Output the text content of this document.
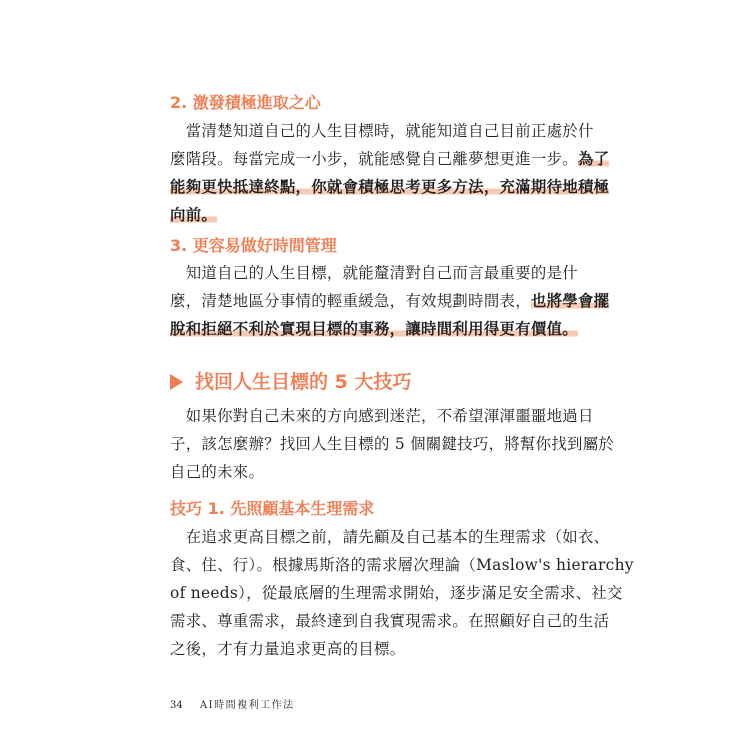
2. 激發積極進取之心
　當清楚知道自己的人生目標時，就能知道自己目前正處於什
麼階段。每當完成一小步，就能感覺自己離夢想更進一步。為了
能夠更快抵達終點，你就會積極思考更多方法，充滿期待地積極
向前。
3. 更容易做好時間管理
　知道自己的人生目標，就能釐清對自己而言最重要的是什
麼，清楚地區分事情的輕重緩急，有效規劃時間表，也將學會擺
脫和拒絕不利於實現目標的事務，讓時間利用得更有價值。
找回人生目標的 5 大技巧
　如果你對自己未來的方向感到迷茫，不希望渾渾噩噩地過日
子，該怎麼辦？找回人生目標的 5 個關鍵技巧，將幫你找到屬於
自己的未來。
技巧 1. 先照顧基本生理需求
　在追求更高目標之前，請先顧及自己基本的生理需求（如衣、
食、住、行）。根據馬斯洛的需求層次理論（Maslow's hierarchy
of needs），從最底層的生理需求開始，逐步滿足安全需求、社交
需求、尊重需求，最終達到自我實現需求。在照顧好自己的生活
之後，才有力量追求更高的目標。
34 AI時間複利工作法
